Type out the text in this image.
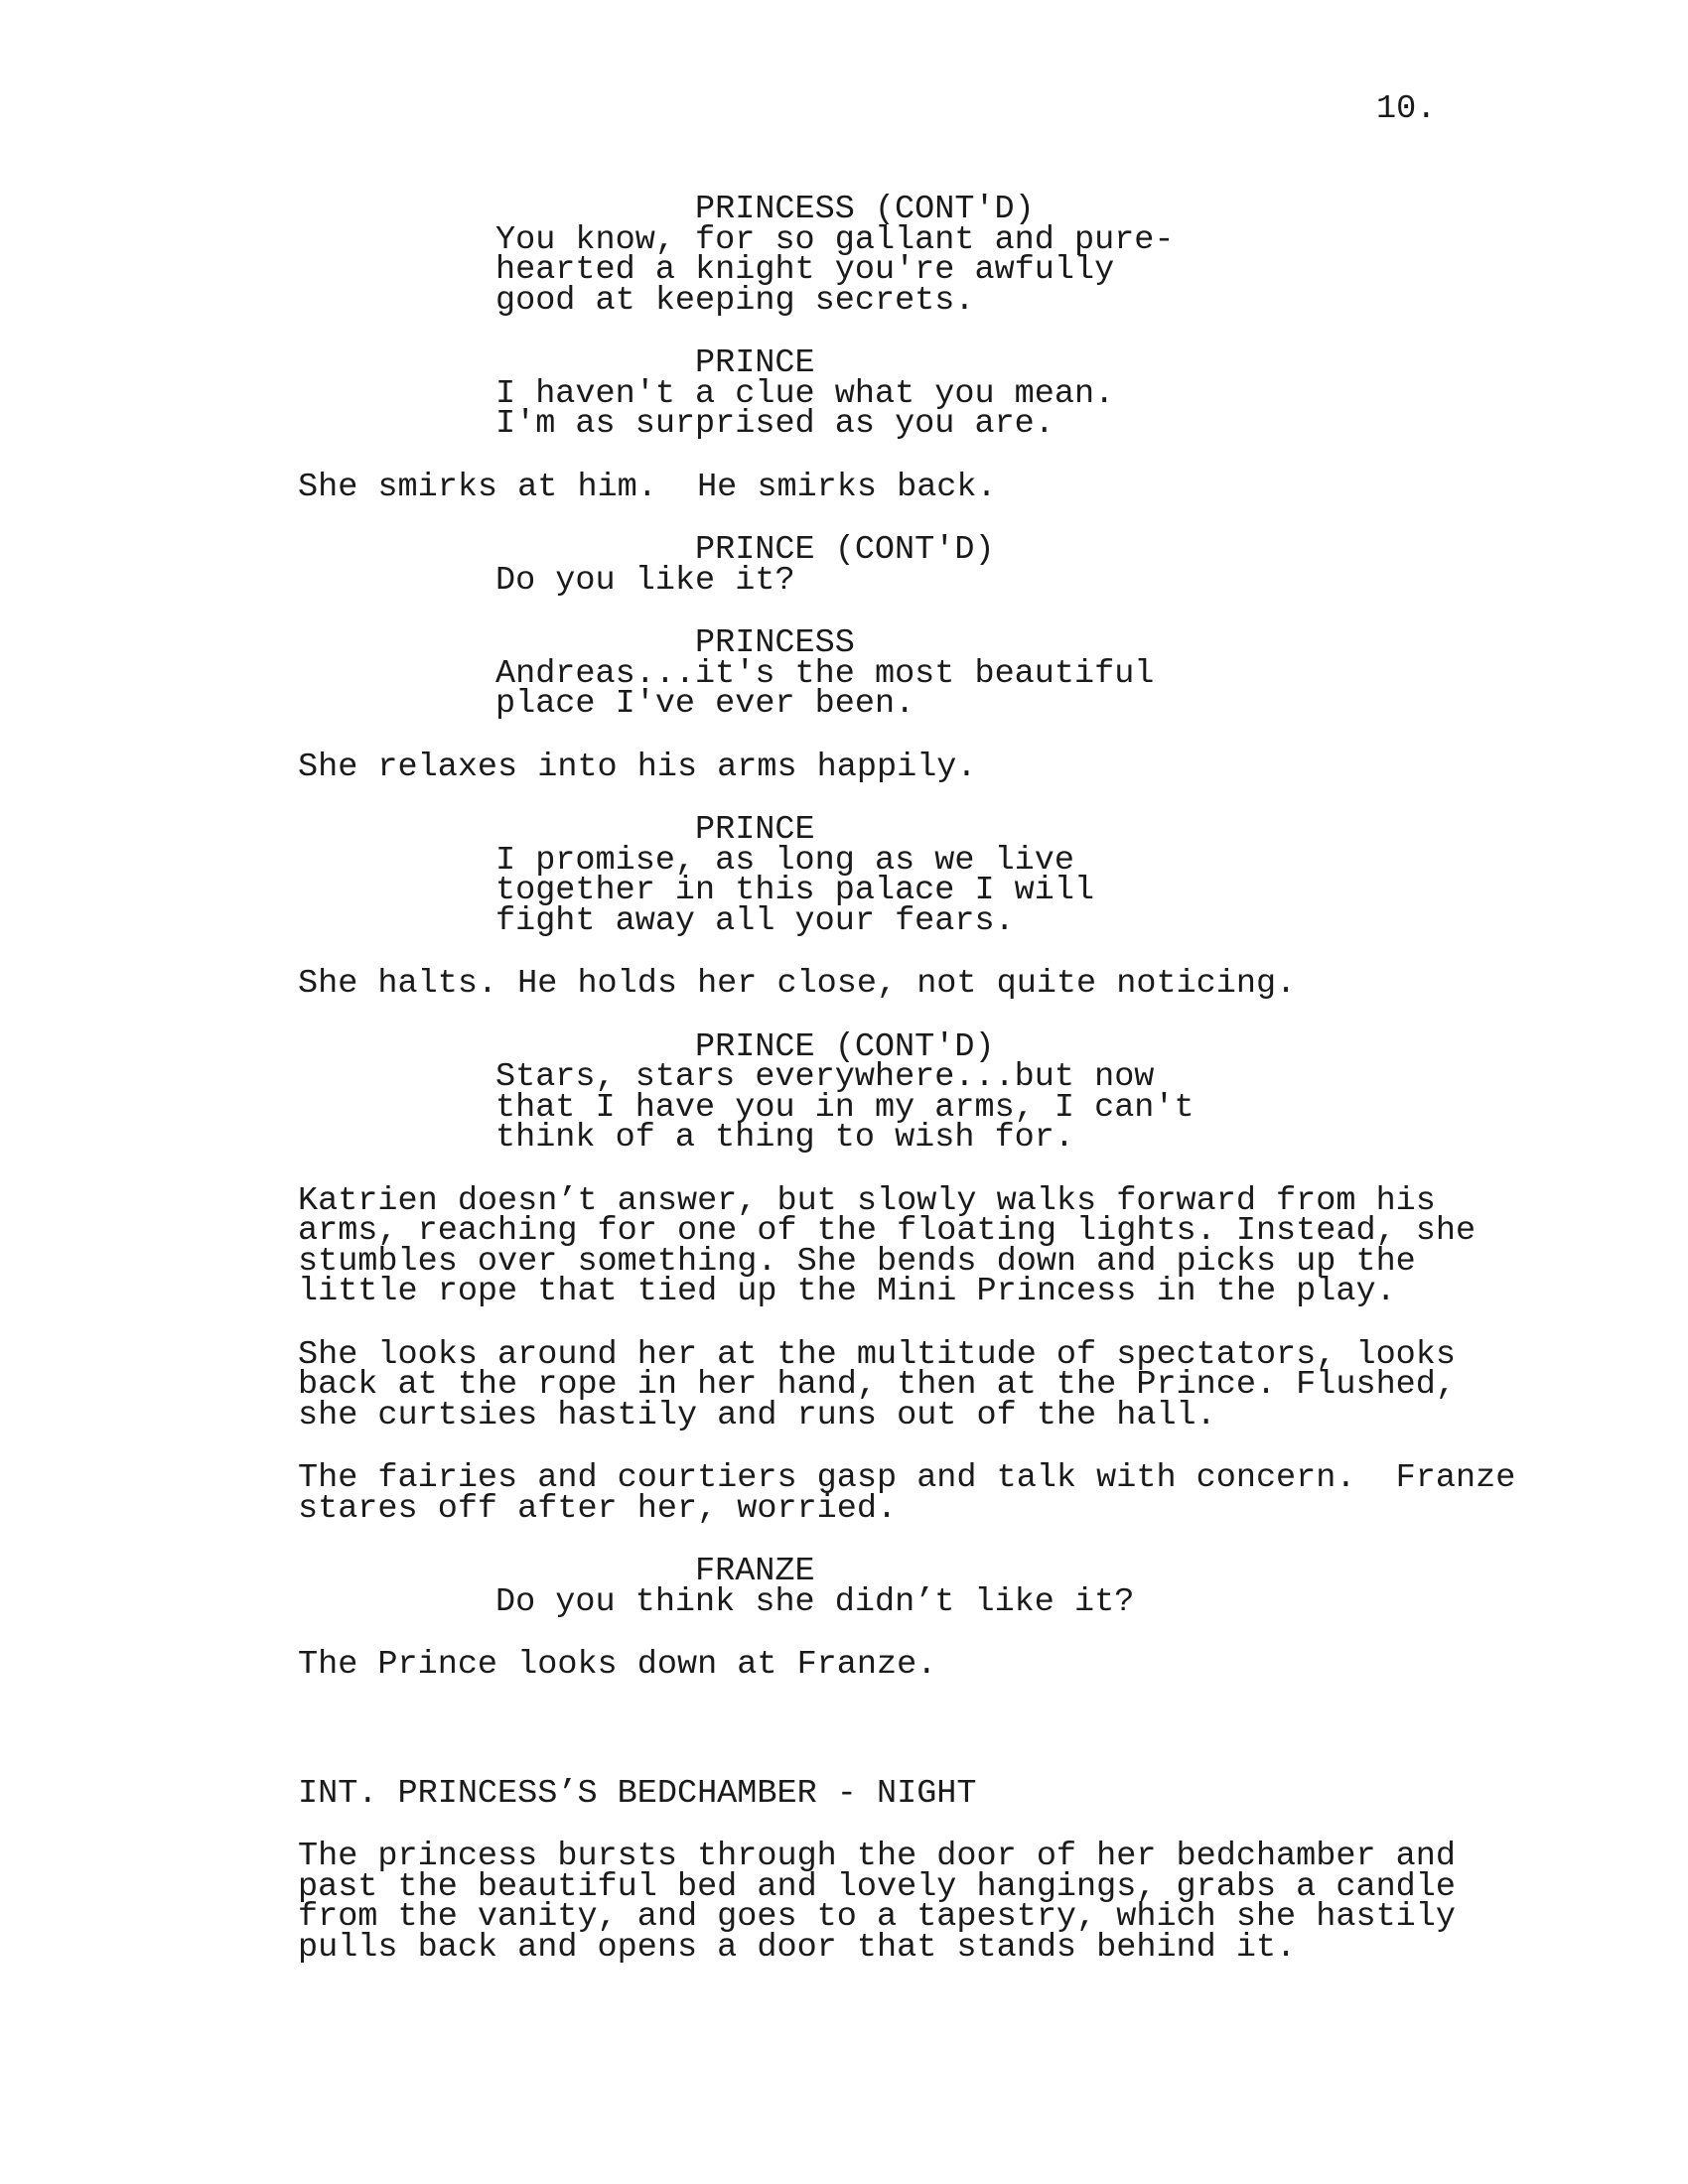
10.
PRINCESS (CONT'D)
You know, for so gallant and pure-
hearted a knight you're awfully
good at keeping secrets.
PRINCE
I haven't a clue what you mean.
I'm as surprised as you are.
She smirks at him.  He smirks back.
PRINCE (CONT'D)
Do you like it?
PRINCESS
Andreas...it's the most beautiful
place I've ever been.
She relaxes into his arms happily.
PRINCE
I promise, as long as we live
together in this palace I will
fight away all your fears.
She halts. He holds her close, not quite noticing.
PRINCE (CONT'D)
Stars, stars everywhere...but now
that I have you in my arms, I can't
think of a thing to wish for.
Katrien doesn’t answer, but slowly walks forward from his
arms, reaching for one of the floating lights. Instead, she
stumbles over something. She bends down and picks up the
little rope that tied up the Mini Princess in the play.
She looks around her at the multitude of spectators, looks
back at the rope in her hand, then at the Prince. Flushed,
she curtsies hastily and runs out of the hall.
The fairies and courtiers gasp and talk with concern.  Franze
stares off after her, worried.
FRANZE
Do you think she didn’t like it?
The Prince looks down at Franze.
INT. PRINCESS’S BEDCHAMBER - NIGHT
The princess bursts through the door of her bedchamber and
past the beautiful bed and lovely hangings, grabs a candle
from the vanity, and goes to a tapestry, which she hastily
pulls back and opens a door that stands behind it.
